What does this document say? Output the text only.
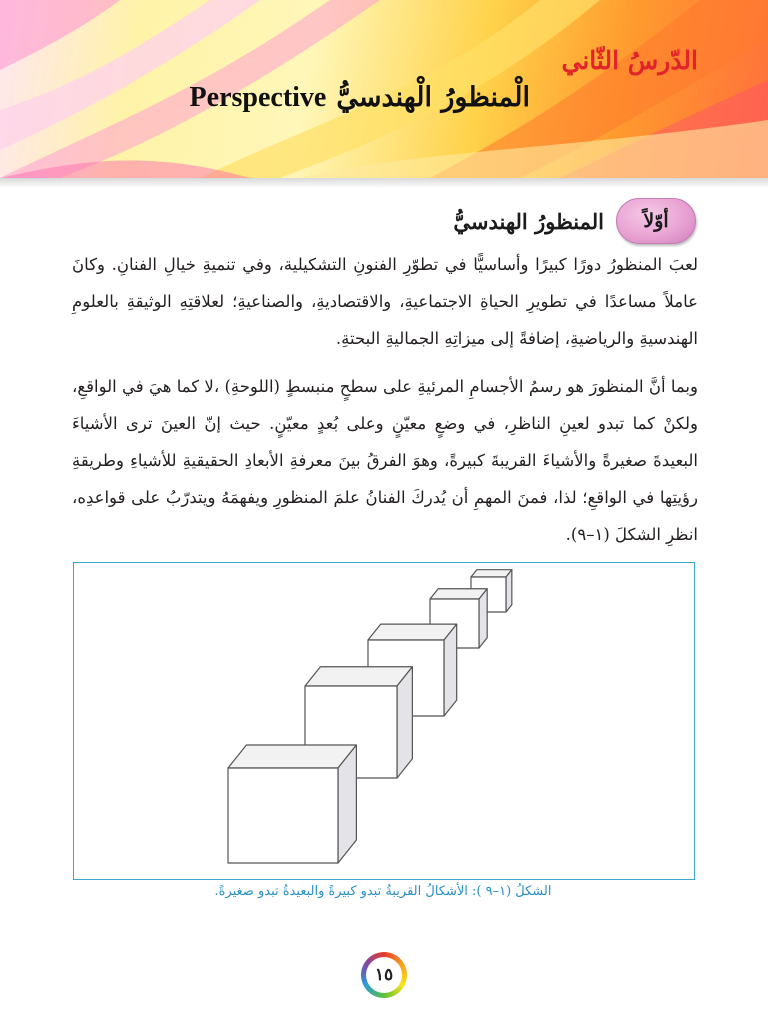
الدّرسُ الثّاني
الْمنظورُ الْهندسيُّ
Perspective
أوّلاً
المنظورُ الهندسيُّ

لعبَ المنظورُ دورًا كبيرًا وأساسيًّا في تطوّرِ الفنونِ التشكيلية، وفي تنميةِ خيالِ الفنانِ. وكانَ عاملاً مساعدًا في تطويرِ الحياةِ الاجتماعيةِ، والاقتصاديةِ، والصناعيةِ؛ لعلاقتِهِ الوثيقةِ بالعلومِ الهندسيةِ والرياضيةِ، إضافةً إلى ميزاتِهِ الجماليةِ البحتةِ.

وبما أنَّ المنظورَ هو رسمُ الأجسامِ المرئيةِ على سطحٍ منبسطٍ (اللوحةِ) ،لا كما هيَ في الواقعِ، ولكنْ كما تبدو لعينِ الناظرِ، في وضعٍ معيّنٍ وعلى بُعدٍ معيّنٍ. حيث إنّ العينَ ترى الأشياءَ البعيدةَ صغيرةً والأشياءَ القريبةَ كبيرةً، وهوَ الفرقُ بينَ معرفةِ الأبعادِ الحقيقيةِ للأشياءِ وطريقةِ رؤيتِها في الواقعِ؛ لذا، فمنَ المهمِ أن يُدركَ الفنانُ علمَ المنظورِ ويفهمَهُ ويتدرّبُ على قواعدِه، انظرِ الشكلَ (١–٩).

الشكلُ (١–٩ ): الأشكالُ القريبةُ تبدو كبيرةً والبعيدةُ تبدو صغيرةً.
١٥
